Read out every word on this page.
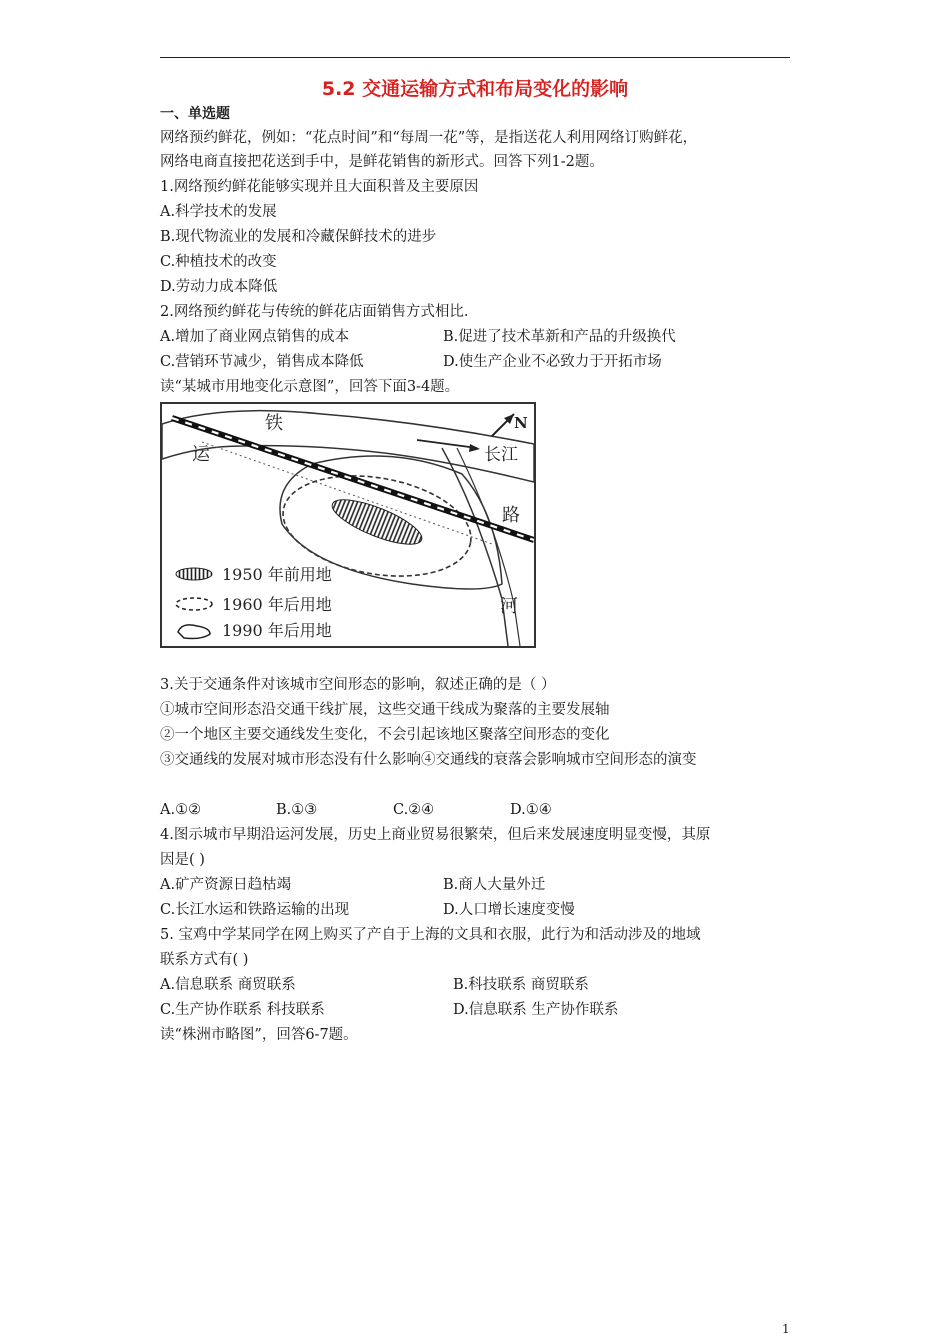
5.2 交通运输方式和布局变化的影响
一、单选题
网络预约鲜花，例如：“花点时间”和“每周一花”等，是指送花人利用网络订购鲜花，
网络电商直接把花送到手中，是鲜花销售的新形式。回答下列1-2题。
1.网络预约鲜花能够实现并且大面积普及主要原因
A.科学技术的发展
B.现代物流业的发展和冷藏保鲜技术的进步
C.种植技术的改变
D.劳动力成本降低
2.网络预约鲜花与传统的鲜花店面销售方式相比.
A.增加了商业网点销售的成本	B.促进了技术革新和产品的升级换代
C.营销环节减少，销售成本降低	D.使生产企业不必致力于开拓市场
读“某城市用地变化示意图”，回答下面3-4题。
N
铁
路
运
河
长江
1950 年前用地
1960 年后用地
1990 年后用地
3.关于交通条件对该城市空间形态的影响，叙述正确的是（ ）
①城市空间形态沿交通干线扩展，这些交通干线成为聚落的主要发展轴
②一个地区主要交通线发生变化，不会引起该地区聚落空间形态的变化
③交通线的发展对城市形态没有什么影响④交通线的衰落会影响城市空间形态的演变
A.①②	B.①③	C.②④	D.①④
4.图示城市早期沿运河发展，历史上商业贸易很繁荣，但后来发展速度明显变慢，其原
因是( )
A.矿产资源日趋枯竭	B.商人大量外迁
C.长江水运和铁路运输的出现	D.人口增长速度变慢
5. 宝鸡中学某同学在网上购买了产自于上海的文具和衣服，此行为和活动涉及的地域
联系方式有( )
A.信息联系 商贸联系	B.科技联系 商贸联系
C.生产协作联系 科技联系	D.信息联系 生产协作联系
读“株洲市略图”，回答6-7题。
1
